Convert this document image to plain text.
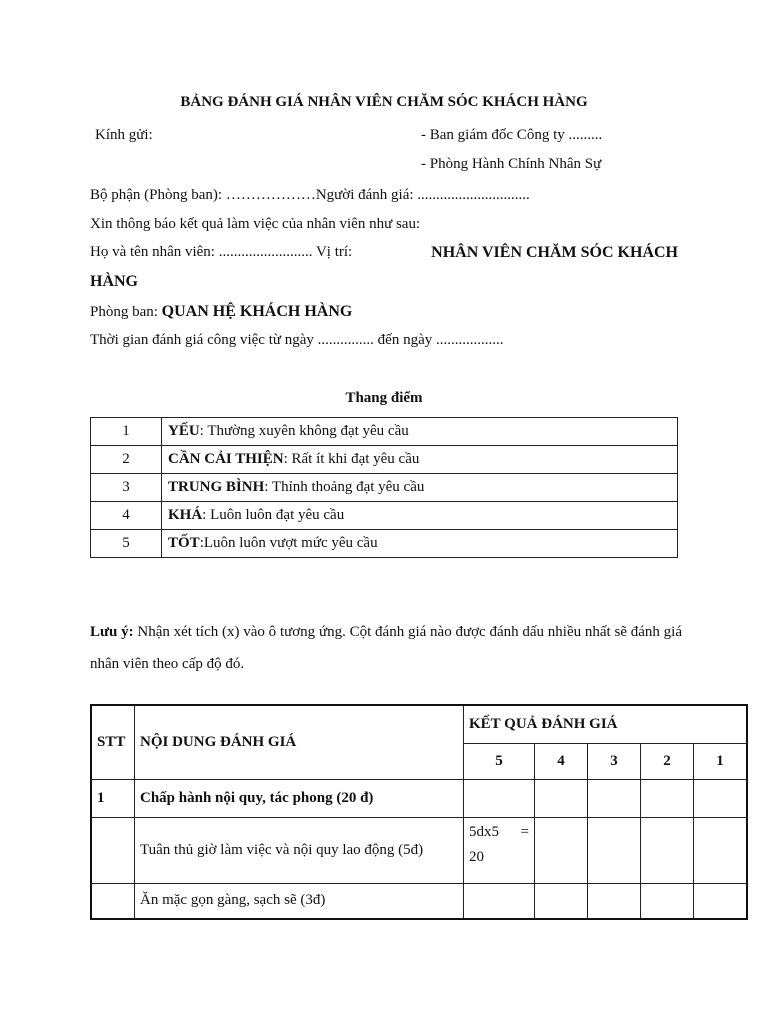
BẢNG ĐÁNH GIÁ NHÂN VIÊN CHĂM SÓC KHÁCH HÀNG

Kính gửi:	- Ban giám đốc Công ty .........

- Phòng Hành Chính Nhân Sự

Bộ phận (Phòng ban): ………………Người đánh giá: ..............................

Xin thông báo kết quả làm việc của nhân viên như sau:

Họ và tên nhân viên: ......................... Vị trí:	NHÂN VIÊN CHĂM SÓC KHÁCH

HÀNG

Phòng ban: QUAN HỆ KHÁCH HÀNG

Thời gian đánh giá công việc từ ngày ............... đến ngày ..................

Thang điểm

1	YẾU: Thường xuyên không đạt yêu cầu
2	CẦN CẢI THIỆN: Rất ít khi đạt yêu cầu
3	TRUNG BÌNH: Thỉnh thoảng đạt yêu cầu
4	KHÁ: Luôn luôn đạt yêu cầu
5	TỐT:Luôn luôn vượt mức yêu cầu

Lưu ý: Nhận xét tích (x) vào ô tương ứng. Cột đánh giá nào được đánh dấu nhiều nhất sẽ đánh giá nhân viên theo cấp độ đó.

STT	NỘI DUNG ĐÁNH GIÁ	KẾT QUẢ ĐÁNH GIÁ				
		5	4	3	2	1
1	Chấp hành nội quy, tác phong (20 đ)					
	Tuân thủ giờ làm việc và nội quy lao động (5đ)	5dx5 =
20				

	Ăn mặc gọn gàng, sạch sẽ (3đ)					
